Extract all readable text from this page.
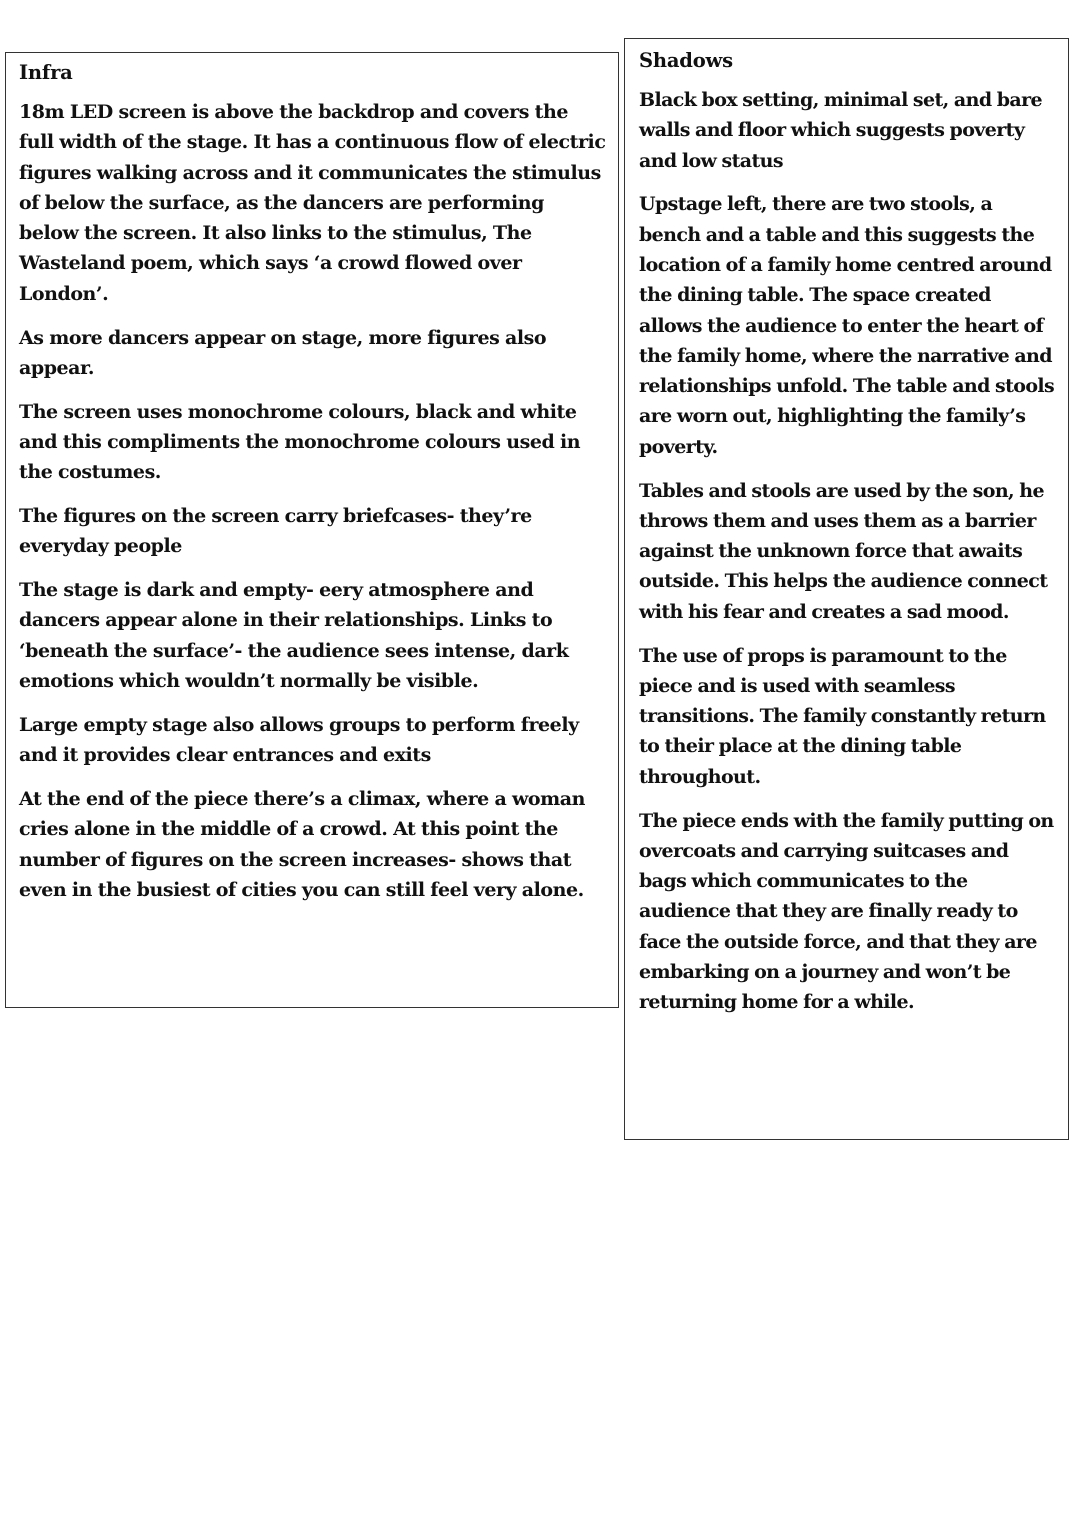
Infra

18m LED screen is above the backdrop and covers the full width of the stage. It has a continuous flow of electric figures walking across and it communicates the stimulus of below the surface, as the dancers are performing below the screen. It also links to the stimulus, The Wasteland poem, which says ‘a crowd flowed over London’.

As more dancers appear on stage, more figures also appear.

The screen uses monochrome colours, black and white and this compliments the monochrome colours used in the costumes.

The figures on the screen carry briefcases- they’re everyday people

The stage is dark and empty- eery atmosphere and dancers appear alone in their relationships. Links to ‘beneath the surface’- the audience sees intense, dark emotions which wouldn’t normally be visible.

Large empty stage also allows groups to perform freely and it provides clear entrances and exits

At the end of the piece there’s a climax, where a woman cries alone in the middle of a crowd. At this point the number of figures on the screen increases- shows that even in the busiest of cities you can still feel very alone.

Shadows

Black box setting, minimal set, and bare walls and floor which suggests poverty and low status

Upstage left, there are two stools, a bench and a table and this suggests the location of a family home centred around the dining table. The space created allows the audience to enter the heart of the family home, where the narrative and relationships unfold. The table and stools are worn out, highlighting the family’s poverty.

Tables and stools are used by the son, he throws them and uses them as a barrier against the unknown force that awaits outside. This helps the audience connect with his fear and creates a sad mood.

The use of props is paramount to the piece and is used with seamless transitions. The family constantly return to their place at the dining table throughout.

The piece ends with the family putting on overcoats and carrying suitcases and bags which communicates to the audience that they are finally ready to face the outside force, and that they are embarking on a journey and won’t be returning home for a while.
